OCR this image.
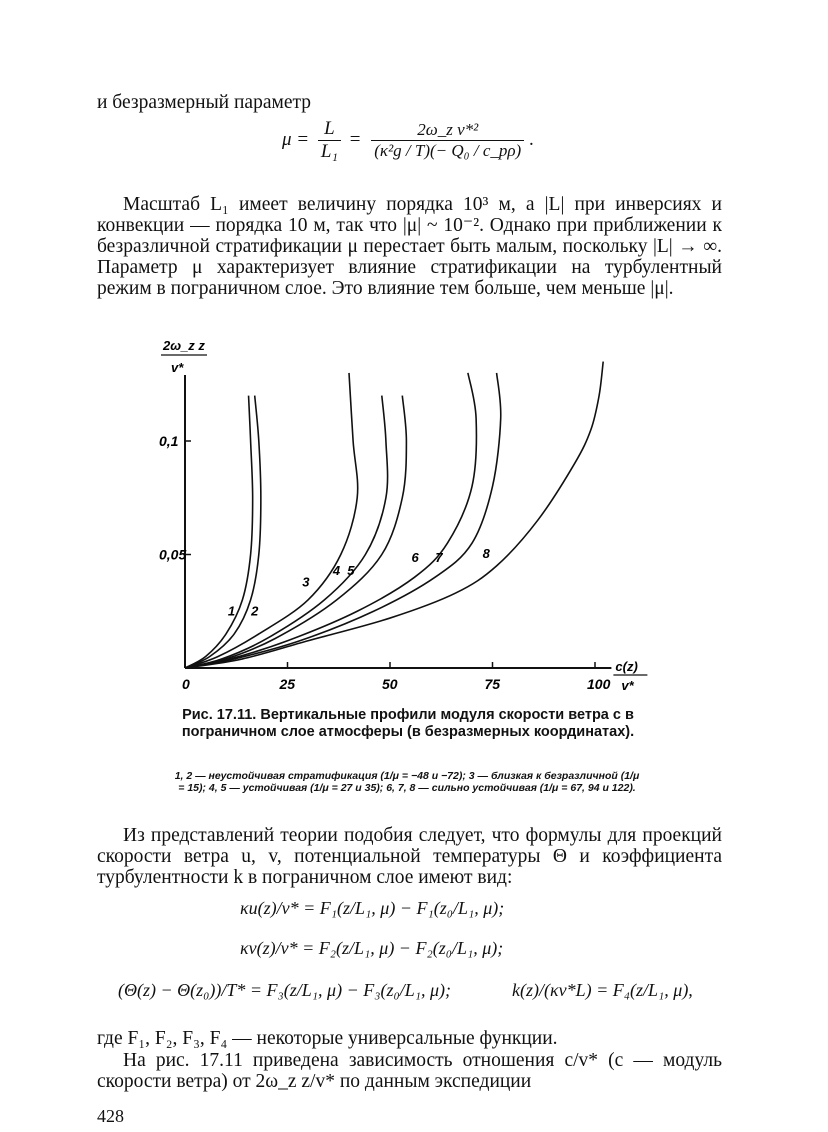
и безразмерный параметр
$\mu = \frac{L}{\text{L₁}} = \frac{\text{2ω\_z v*²}}{\text{(κ²g / T)(− Q₀ / c\_pρ)}}$ .
Масштаб L₁ имеет величину порядка 10³ м, а |L| при инверсиях и конвекции — порядка 10 м, так что |μ| ~ 10⁻². Однако при приближении к безразличной стратификации μ перестает быть малым, поскольку |L| → ∞. Параметр μ характеризует влияние стратификации на турбулентный режим в пограничном слое. Это влияние тем больше, чем меньше |μ|.
2ω_z z
v*
c(z)
v*
0	25	50	75	100
0,05
0,1
1 2
3
4 5
6 7	8
Рис. 17.11. Вертикальные профили модуля скорости ветра c в пограничном слое атмосферы (в безразмерных координатах).
1, 2 — неустойчивая стратификация (1/μ = −48 и −72); 3 — близкая к безразличной (1/μ = 15); 4, 5 — устойчивая (1/μ = 27 и 35); 6, 7, 8 — сильно устойчивая (1/μ = 67, 94 и 122).
Из представлений теории подобия следует, что формулы для проекций скорости ветра u, v, потенциальной температуры Θ и коэффициента турбулентности k в пограничном слое имеют вид:
κu(z)/v* = F₁(z/L₁, μ) − F₁(z₀/L₁, μ);
κv(z)/v* = F₂(z/L₁, μ) − F₂(z₀/L₁, μ);
(Θ(z) − Θ(z₀))/T* = F₃(z/L₁, μ) − F₃(z₀/L₁, μ);	k(z)/(κv*L) = F₄(z/L₁, μ),
где F₁, F₂, F₃, F₄ — некоторые универсальные функции.
На рис. 17.11 приведена зависимость отношения c/v* (c — модуль скорости ветра) от 2ω_z z/v* по данным экспедиции
428
